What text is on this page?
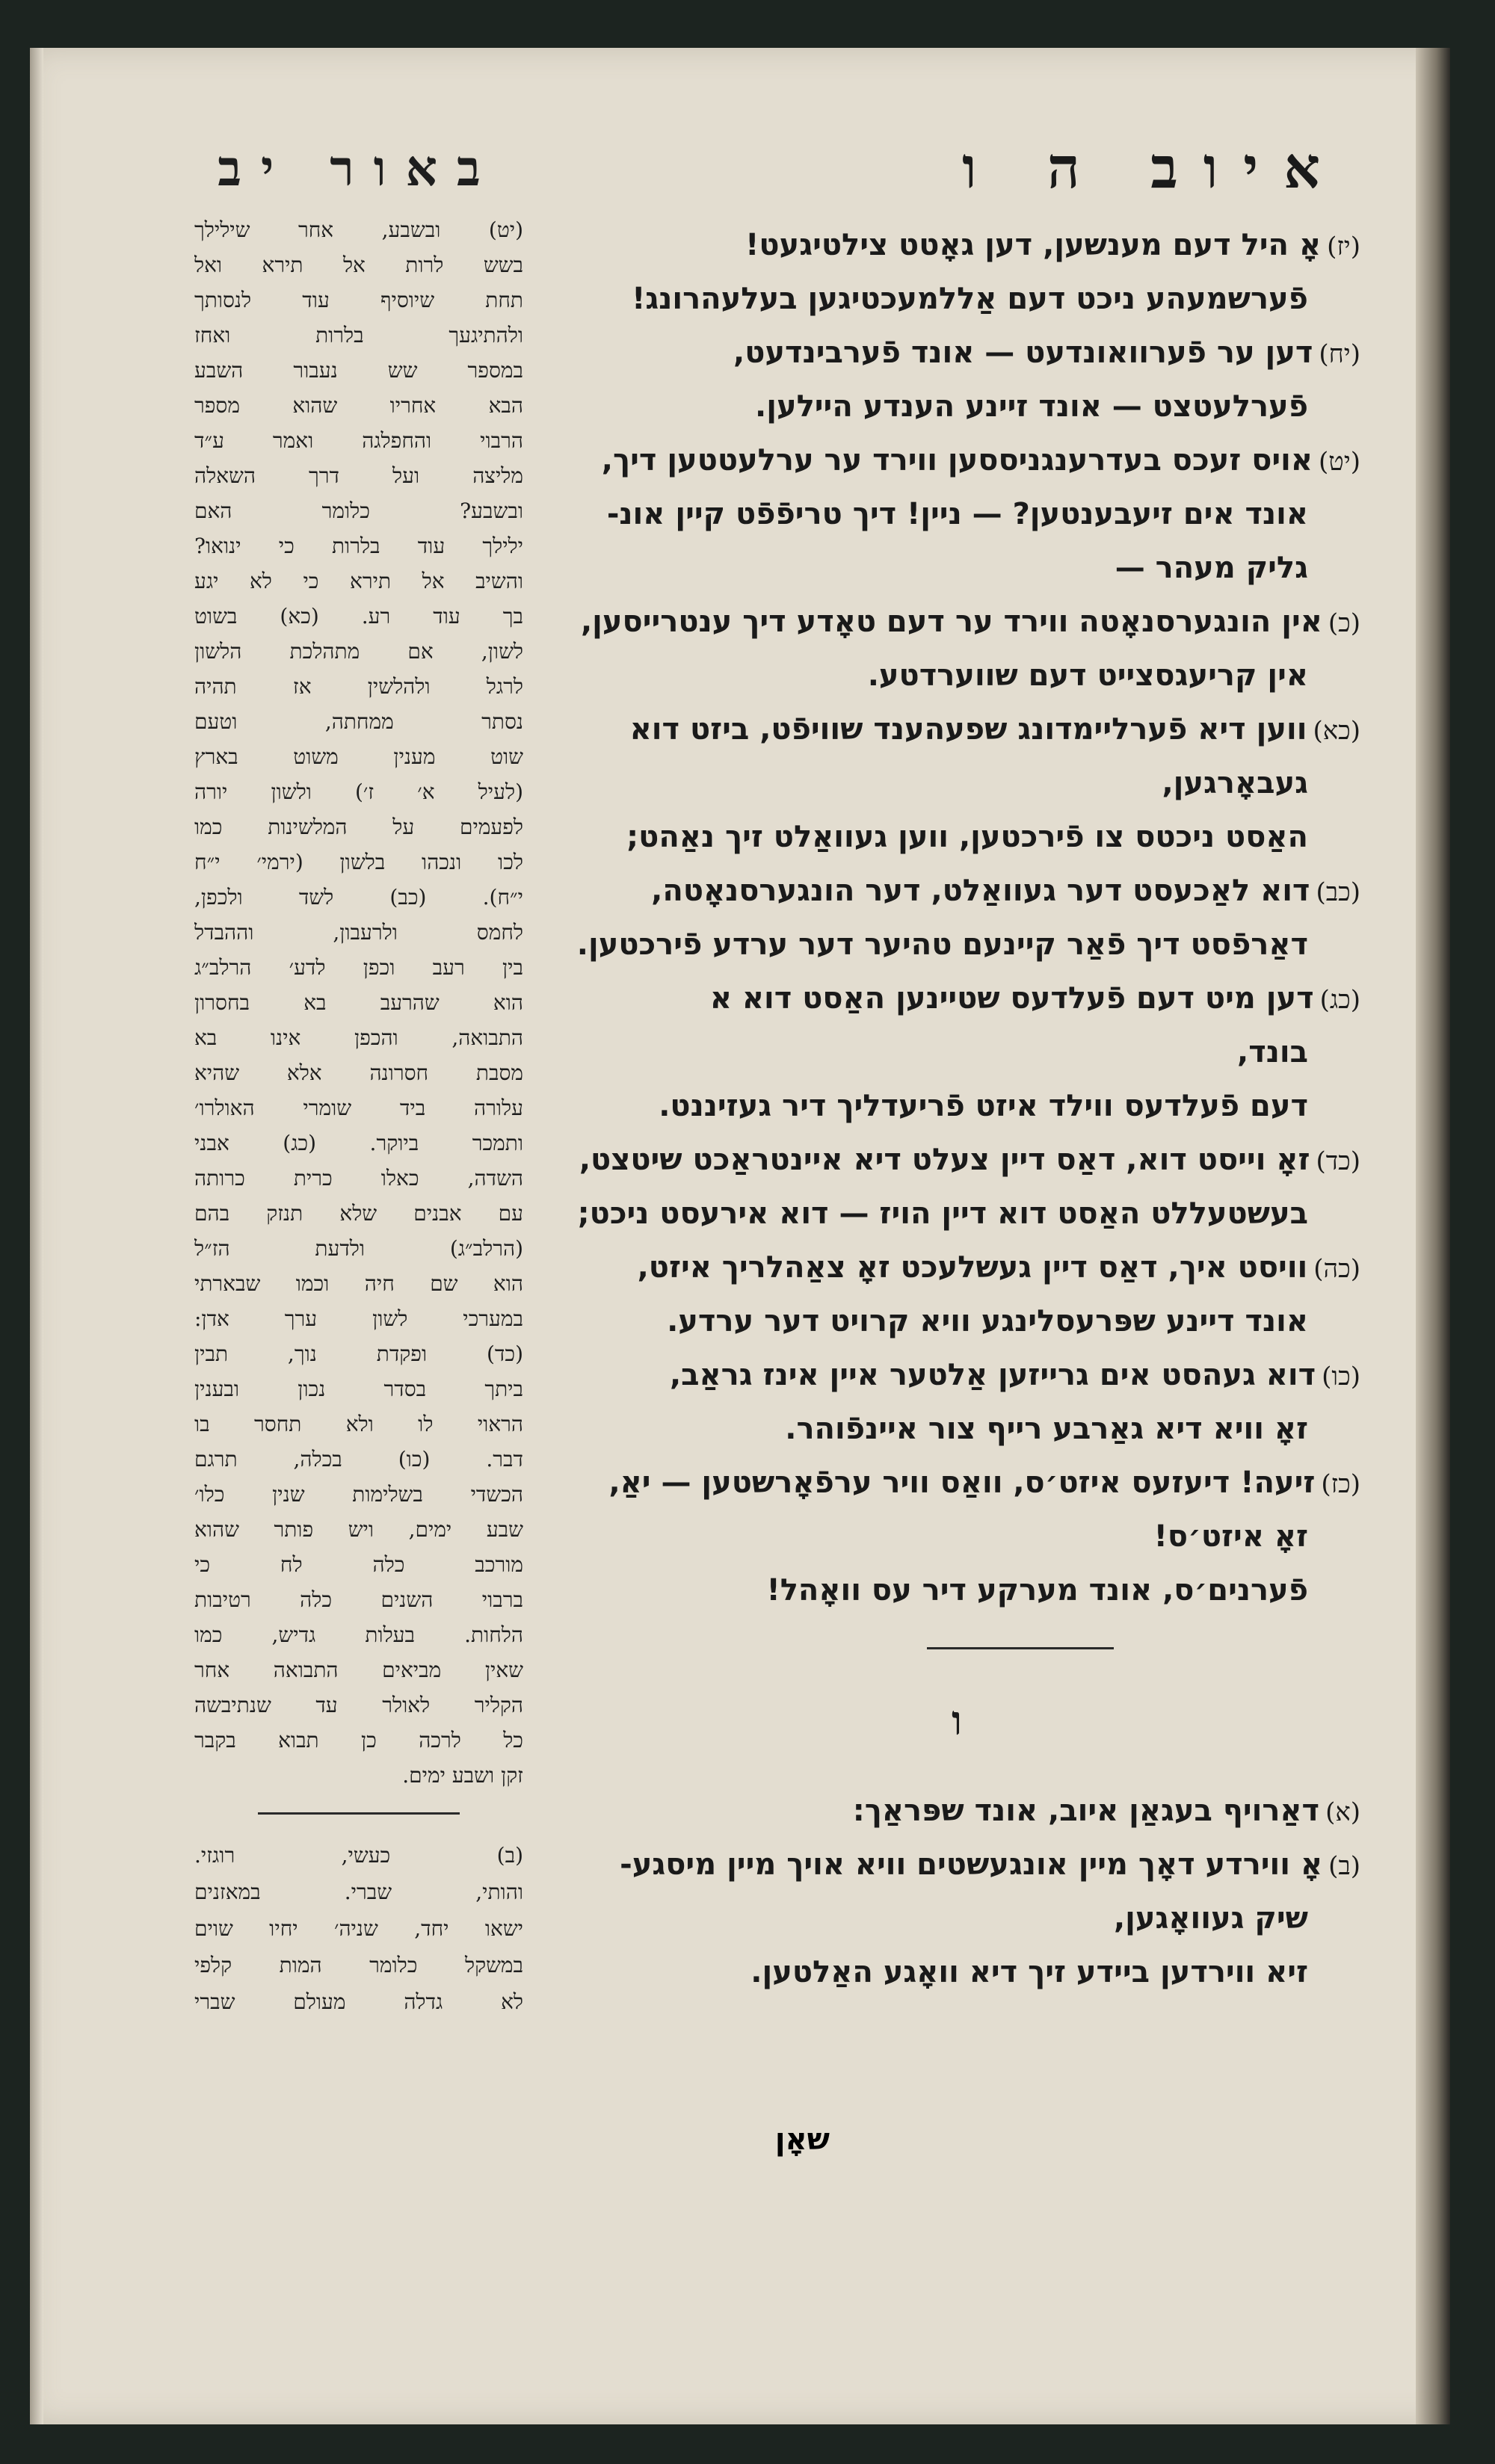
איוב ה ו
(יז)אָ היל דעם מענשען, דען גאָטט צילטיגעט!
פֿערשמעהע ניכט דעם אַללמעכטיגען בעלעהרונג!
(יח)דען ער פֿערוואונדעט — אונד פֿערבינדעט,
פֿערלעטצט — אונד זיינע הענדע היילען.
(יט)אויס זעכס בעדרענגניססען ווירד ער ערלעטטען דיך,
אונד אים זיעבענטען? — ניין! דיך טריפֿפֿט קיין אונ-
גליק מעהר —
(כ)אין הונגערסנאָטה ווירד ער דעם טאָדע דיך ענטרייסען,
אין קריעגסצייט דעם שווערדטע.
(כא)ווען דיא פֿערליימדונג שפעהענד שוויפֿט, ביזט דוא
געבאָרגען,
האַסט ניכטס צו פֿירכטען, ווען געוואַלט זיך נאַהט;
(כב)דוא לאַכעסט דער געוואַלט, דער הונגערסנאָטה,
דאַרפֿסט דיך פֿאַר קיינעם טהיער דער ערדע פֿירכטען.
(כג)דען מיט דעם פֿעלדעס שטיינען האַסט דוא א
בונד,
דעם פֿעלדעס ווילד איזט פֿריעדליך דיר געזיננט.
(כד)זאָ וייסט דוא, דאַס דיין צעלט דיא איינטראַכט שיטצט,
בעשטעללט האַסט דוא דיין הויז — דוא אירעסט ניכט;
(כה)וויסט איך, דאַס דיין געשלעכט זאָ צאַהלריך איזט,
אונד דיינע שפּרעסלינגע וויא קרויט דער ערדע.
(כו)דוא געהסט אים גרייזען אַלטער איין אינז גראַב,
זאָ וויא דיא גאַרבע רייף צור איינפֿוהר.
(כז)זיעה! דיעזעס איזט׳ס, וואַס וויר ערפֿאָרשטען — יאַ,
זאָ איזט׳ס!
פֿערנים׳ס, אונד מערקע דיר עס וואָהל!
ו
(א)דאַרויף בעגאַן איוב, אונד שפּראַך:
(ב)אָ ווירדע דאָך מיין אונגעשטים וויא אויך מיין מיסגע-
שיק געוואָגען,
זיא ווירדען ביידע זיך דיא וואָגע האַלטען.
שאָן
באור יב
(יט) ובשבע, אחר שילילך
בשש לרות אל תירא ואל
תחת שיוסיף עוד לנסותך
ולהתיגעך בלרות ואחז
במספר שש נעבור השבע
הבא אחריו שהוא מספר
הרבוי והחפלגה ואמר ע״ד
מליצה ועל דרך השאלה
ובשבע? כלומר האם
ילילך עוד בלרות כי ינואו?
והשיב אל תירא כי לא יגע
בך עוד רע. (כא) בשוט
לשון, אם מתהלכת הלשון
לרגל ולהלשין אז תהיה
נסתר ממחתה, וטעם
שוט מענין משוט בארץ
(לעיל א׳ ז׳) ולשון יורה
לפעמים על המלשינות כמו
לכו ונכהו בלשון (ירמי׳ י״ח
י״ח). (כב) לשד ולכפן,
לחמס ולרעבון, וההבדל
בין רעב וכפן לדע׳ הרלב״ג
הוא שהרעב בא בחסרון
התבואה, והכפן אינו בא
מסבת חסרונה אלא שהיא
עלורה ביד שומרי האולרו׳
ותמכר ביוקר. (כג) אבני
השדה, כאלו כרית כרותה
עם אבנים שלא תנזק בהם
(הרלב״ג) ולדעת הז״ל
הוא שם חיה וכמו שבארתי
במערכי לשון ערך אדן:
(כד) ופקדת נוך, תבין
ביתך בסדר נכון ובענין
הראוי לו ולא תחסר בו
דבר. (כו) בכלה, תרגם
הכשדי בשלימות שנין כלו׳
שבע ימים, ויש פותר שהוא
מורכב כלה לח כי
ברבוי השנים כלה רטיבות
הלחות. בעלות גדיש, כמו
שאין מביאים התבואה אחר
הקליר לאולר עד שנתיבשה
כל לרכה כן תבוא בקבר
זקן ושבע ימים.
(ב) כעשי, רוגזי.
והותי, שברי. במאזנים
ישאו יחד, שניה׳ יחיו שוים
במשקל כלומר המות קלפי
לא גדלה מעולם שברי
